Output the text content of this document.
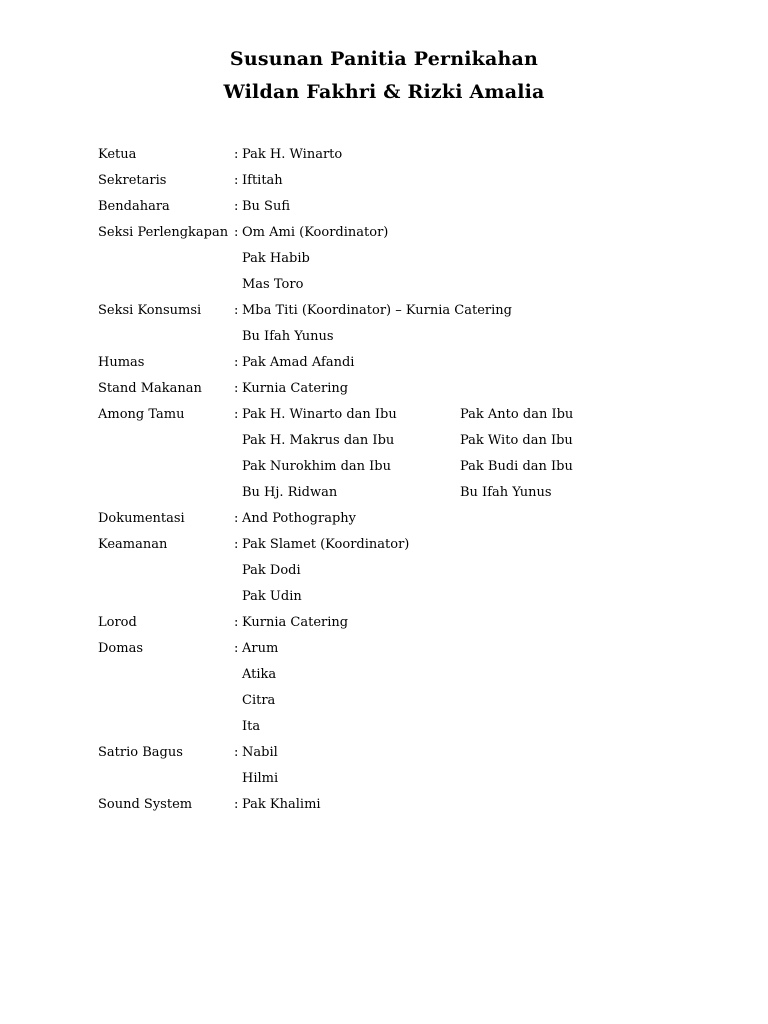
Susunan Panitia Pernikahan
Wildan Fakhri & Rizki Amalia
Ketua	: Pak H. Winarto
Sekretaris	: Iftitah
Bendahara	: Bu Sufi
Seksi Perlengkapan : Om Ami (Koordinator)
Pak Habib
Mas Toro
Seksi Konsumsi	: Mba Titi (Koordinator) – Kurnia Catering
Bu Ifah Yunus
Humas	: Pak Amad Afandi
Stand Makanan : Kurnia Catering
Among Tamu	: Pak H. Winarto dan Ibu	Pak Anto dan Ibu
Pak H. Makrus dan Ibu	Pak Wito dan Ibu
Pak Nurokhim dan Ibu	Pak Budi dan Ibu
Bu Hj. Ridwan	Bu Ifah Yunus
Dokumentasi	: And Pothography
Keamanan	: Pak Slamet (Koordinator)
Pak Dodi
Pak Udin
Lorod	: Kurnia Catering
Domas	: Arum
Atika
Citra
Ita
Satrio Bagus	: Nabil
Hilmi
Sound System	: Pak Khalimi
